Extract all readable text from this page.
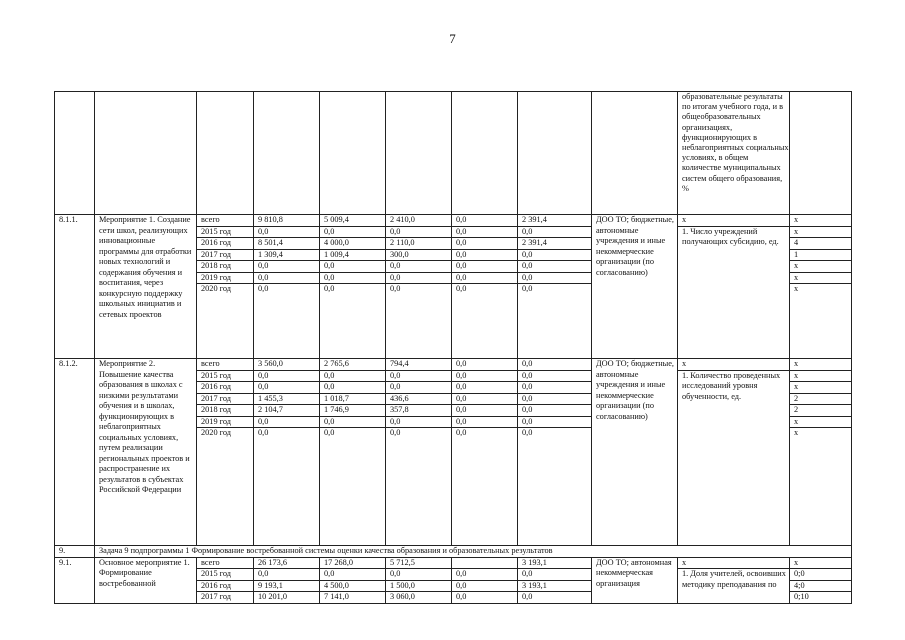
7
									образовательные результаты по итогам учебного года, и в общеобразовательных организациях, функционирующих в неблагоприятных социальных условиях, в общем количестве муниципальных систем общего образования, %	
8.1.1.	Мероприятие 1. Создание сети школ, реализующих инновационные программы для отработки новых технологий и содержания обучения и воспитания, через конкурсную поддержку школьных инициатив и сетевых проектов	всего	9 810,8	5 009,4	2 410,0	0,0	2 391,4	ДОО ТО; бюджетные, автономные учреждения и иные некоммерческие организации (по согласованию)	х	х
		2015 год	0,0	0,0	0,0	0,0	0,0		1. Число учреждений получающих субсидию, ед.	х
		2016 год	8 501,4	4 000,0	2 110,0	0,0	2 391,4			4
		2017 год	1 309,4	1 009,4	300,0	0,0	0,0			1
		2018 год	0,0	0,0	0,0	0,0	0,0			х
		2019 год	0,0	0,0	0,0	0,0	0,0			х
		2020 год	0,0	0,0	0,0	0,0	0,0			х
8.1.2.	Мероприятие 2. Повышение качества образования в школах с низкими результатами обучения и в школах, функционирующих в неблагоприятных социальных условиях, путем реализации региональных проектов и распространение их результатов в субъектах Российской Федерации	всего	3 560,0	2 765,6	794,4	0,0	0,0	ДОО ТО; бюджетные, автономные учреждения и иные некоммерческие организации (по согласованию)	х	х
		2015 год	0,0	0,0	0,0	0,0	0,0		1. Количество проведенных исследований уровня обученности, ед.	х
		2016 год	0,0	0,0	0,0	0,0	0,0			х
		2017 год	1 455,3	1 018,7	436,6	0,0	0,0			2
		2018 год	2 104,7	1 746,9	357,8	0,0	0,0			2
		2019 год	0,0	0,0	0,0	0,0	0,0			х
		2020 год	0,0	0,0	0,0	0,0	0,0			х
9.	Задача 9 подпрограммы 1 Формирование востребованной системы оценки качества образования и образовательных результатов									
9.1.	Основное мероприятие 1. Формирование востребованной	всего	26 173,6	17 268,0	5 712,5		3 193,1	ДОО ТО; автономная некоммерческая организация	х	х
		2015 год	0,0	0,0	0,0	0,0	0,0		1. Доля учителей, освоивших методику преподавания по	0;0
		2016 год	9 193,1	4 500,0	1 500,0	0,0	3 193,1			4;0
		2017 год	10 201,0	7 141,0	3 060,0	0,0	0,0			0;10
